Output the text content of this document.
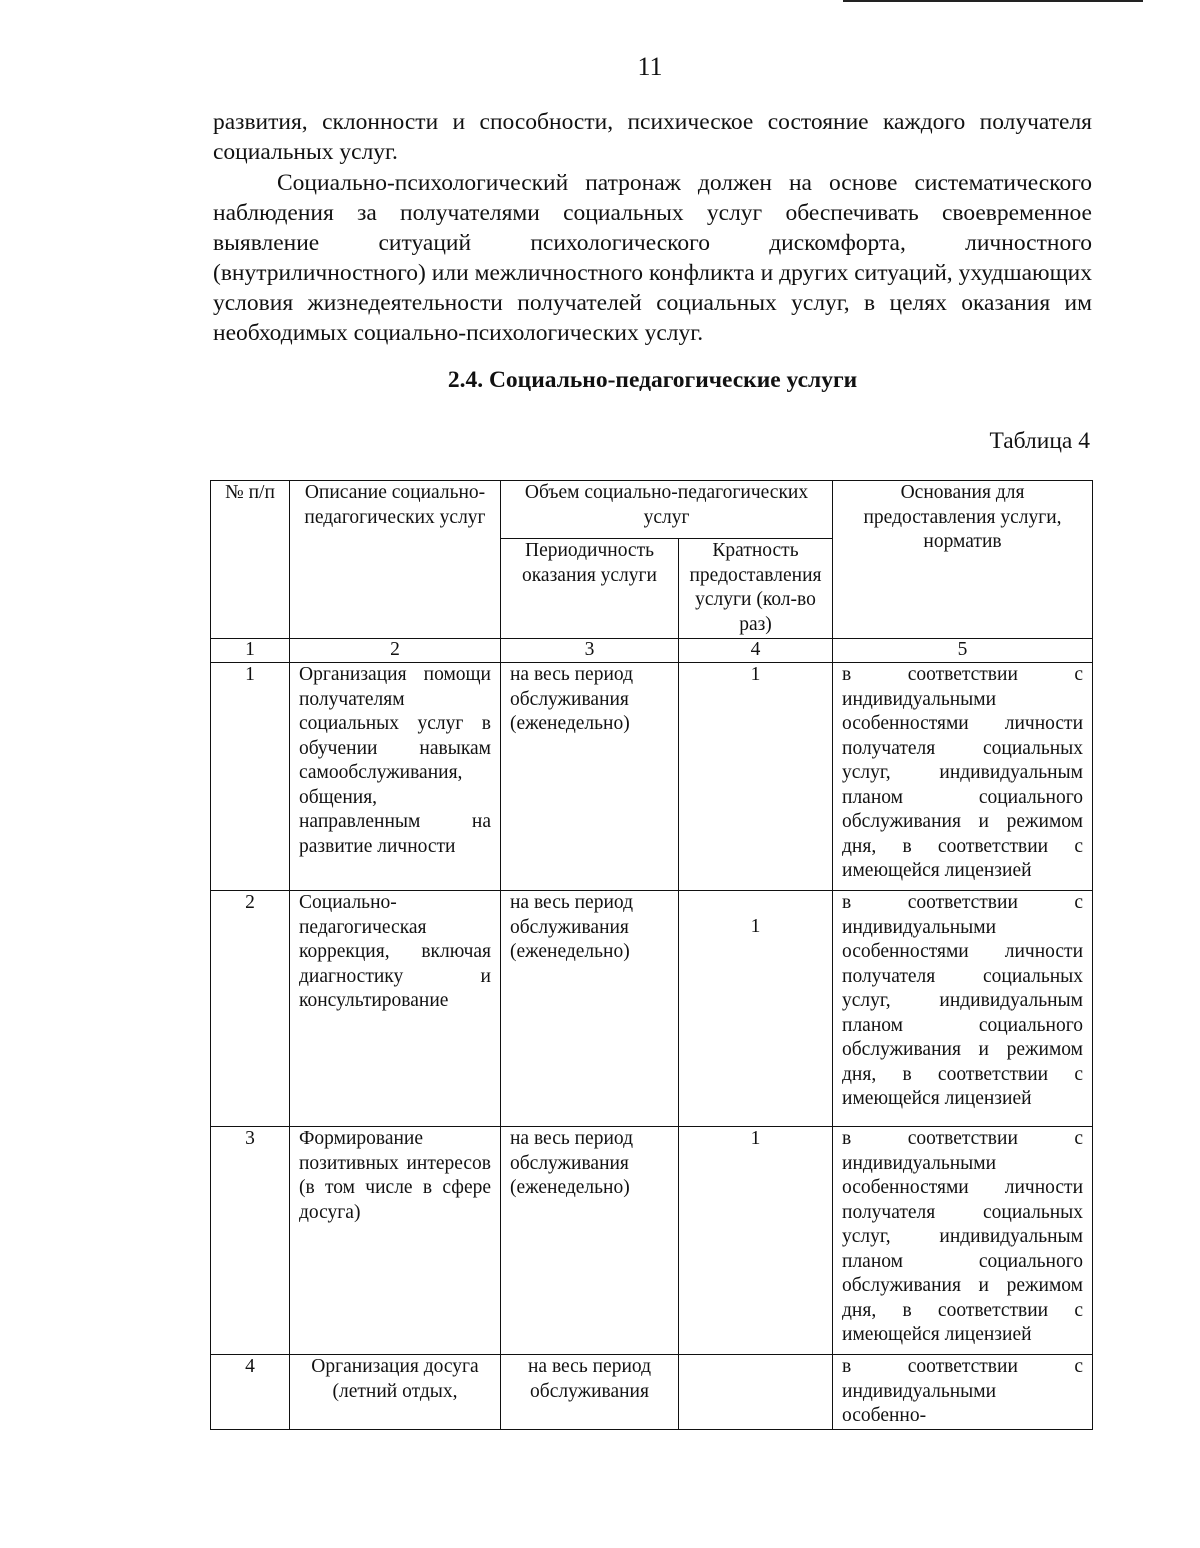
11

развития, склонности и способности, психическое состояние каждого получателя социальных услуг.

Социально-психологический патронаж должен на основе систематического наблюдения за получателями социальных услуг обеспечивать своевременное выявление ситуаций психологического дискомфорта, личностного (внутриличностного) или межличностного конфликта и других ситуаций, ухудшающих условия жизнедеятельности получателей социальных услуг, в целях оказания им необходимых социально-психологических услуг.

2.4. Социально-педагогические услуги
Таблица 4
№ п/п	Описание социально-педагогических услуг	Объем социально-педагогических услуг		Основания для предоставления услуги, норматив
		Периодичность оказания услуги	Кратность предоставления услуги (кол-во раз)	
1	2	3	4	5
1	Организация помощи получателям социальных услуг в обучении навыкам самообслуживания, общения, направленным на развитие личности	на весь период обслуживания (еженедельно)	1	в соответствии с индивидуальными особенностями личности получателя социальных услуг, индивидуальным планом социального обслуживания и режимом дня, в соответствии с имеющейся лицензией
2	Социально-педагогическая коррекция, включая диагностику и консультирование	на весь период обслуживания (еженедельно)	1	в соответствии с индивидуальными особенностями личности получателя социальных услуг, индивидуальным планом социального обслуживания и режимом дня, в соответствии с имеющейся лицензией
3	Формирование позитивных интересов (в том числе в сфере досуга)	на весь период обслуживания (еженедельно)	1	в соответствии с индивидуальными особенностями личности получателя социальных услуг, индивидуальным планом социального обслуживания и режимом дня, в соответствии с имеющейся лицензией
4	Организация досуга (летний отдых,	на весь период обслуживания		в соответствии с индивидуальными особенно-
